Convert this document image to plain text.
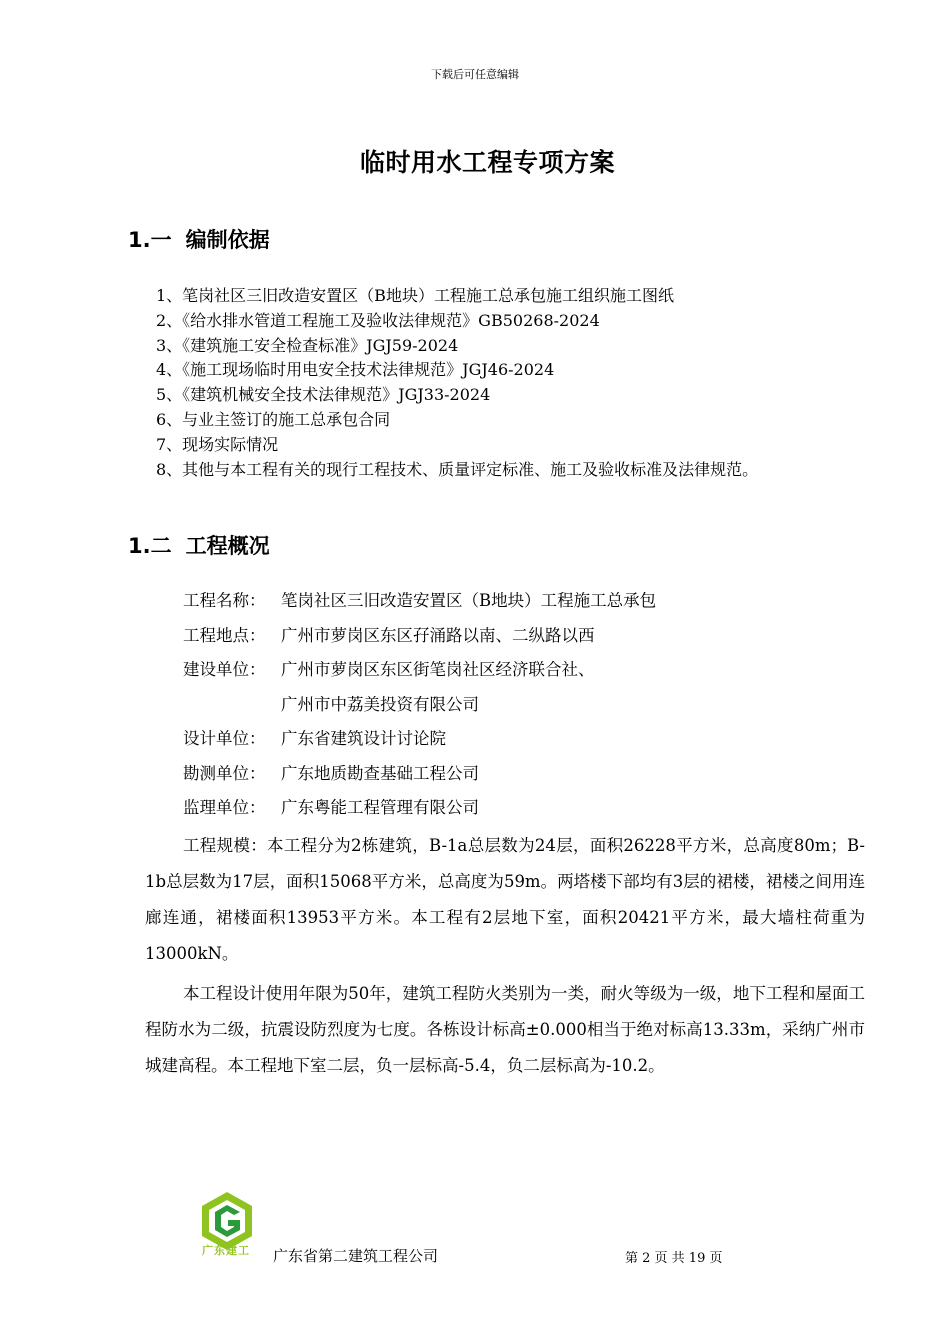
下载后可任意编辑
临时用水工程专项方案
1.一 编制依据
1、笔岗社区三旧改造安置区（B地块）工程施工总承包施工组织施工图纸
2、《给水排水管道工程施工及验收法律规范》GB50268-2024
3、《建筑施工安全检查标准》JGJ59-2024
4、《施工现场临时用电安全技术法律规范》JGJ46-2024
5、《建筑机械安全技术法律规范》JGJ33-2024
6、与业主签订的施工总承包合同
7、现场实际情况
8、其他与本工程有关的现行工程技术、质量评定标准、施工及验收标准及法律规范。
1.二 工程概况
工程名称： 笔岗社区三旧改造安置区（B地块）工程施工总承包
工程地点： 广州市萝岗区东区孖涌路以南、二纵路以西
建设单位： 广州市萝岗区东区街笔岗社区经济联合社、
广州市中荔美投资有限公司
设计单位： 广东省建筑设计讨论院
勘测单位： 广东地质勘查基础工程公司
监理单位： 广东粤能工程管理有限公司
工程规模：本工程分为2栋建筑，B-1a总层数为24层，面积26228平方米，总高度80m；B-1b总层数为17层，面积15068平方米，总高度为59m。两塔楼下部均有3层的裙楼，裙楼之间用连廊连通，裙楼面积13953平方米。本工程有2层地下室，面积20421平方米，最大墙柱荷重为13000kN。
本工程设计使用年限为50年，建筑工程防火类别为一类，耐火等级为一级，地下工程和屋面工程防水为二级，抗震设防烈度为七度。各栋设计标高±0.000相当于绝对标高13.33m，采纳广州市城建高程。本工程地下室二层，负一层标高-5.4，负二层标高为-10.2。
广东建工	广东省第二建筑工程公司	第 2 页 共 19 页
